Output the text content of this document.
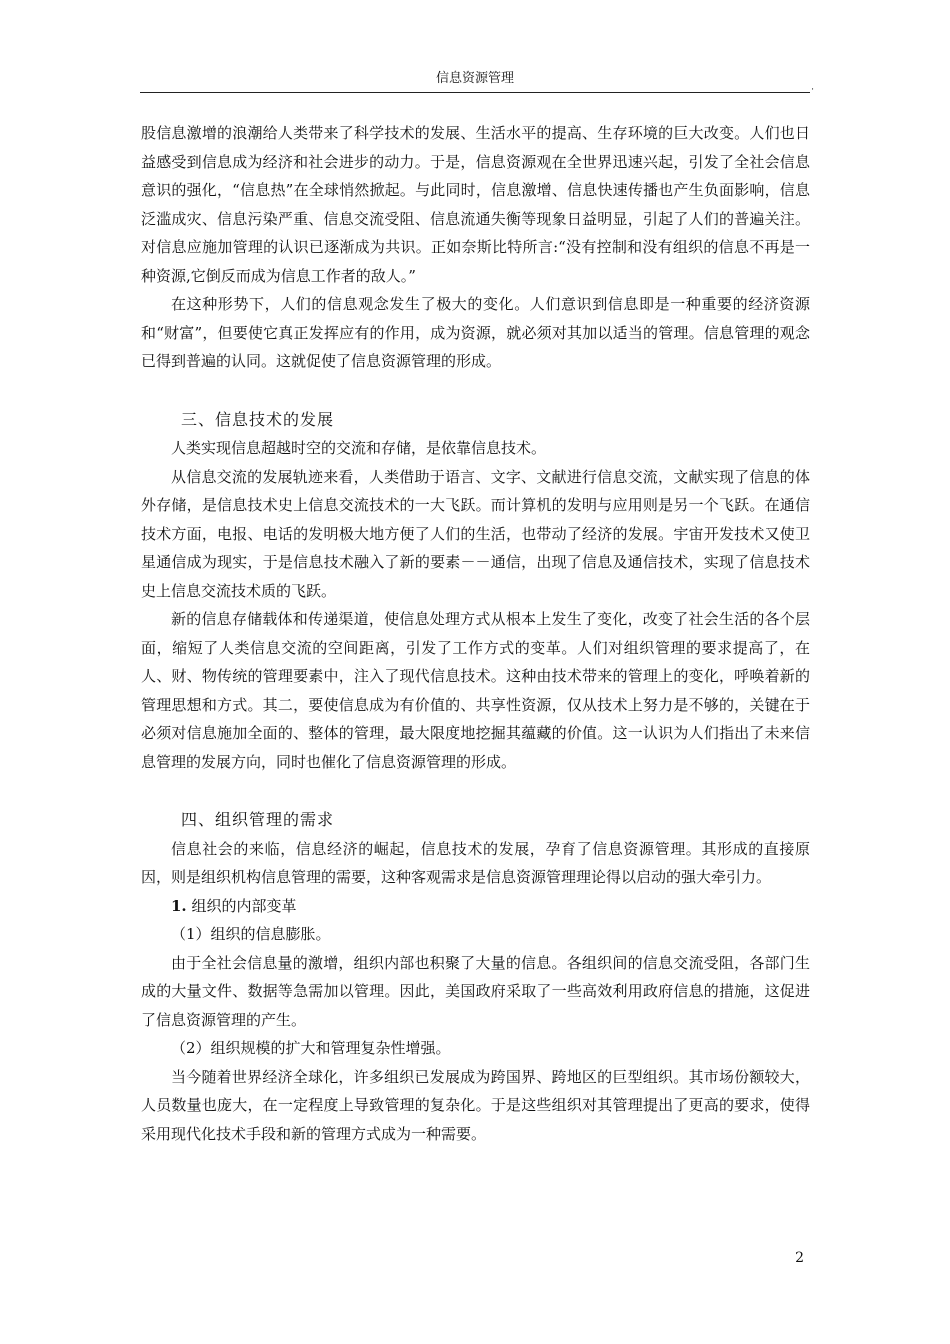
信息资源管理
·

股信息激增的浪潮给人类带来了科学技术的发展、生活水平的提高、生存环境的巨大改变。人们也日益感受到信息成为经济和社会进步的动力。于是，信息资源观在全世界迅速兴起，引发了全社会信息意识的强化，“信息热”在全球悄然掀起。与此同时，信息激增、信息快速传播也产生负面影响，信息泛滥成灾、信息污染严重、信息交流受阻、信息流通失衡等现象日益明显，引起了人们的普遍关注。对信息应施加管理的认识已逐渐成为共识。正如奈斯比特所言:“没有控制和没有组织的信息不再是一种资源,它倒反而成为信息工作者的敌人。”

在这种形势下，人们的信息观念发生了极大的变化。人们意识到信息即是一种重要的经济资源和“财富”，但要使它真正发挥应有的作用，成为资源，就必须对其加以适当的管理。信息管理的观念已得到普遍的认同。这就促使了信息资源管理的形成。

三、信息技术的发展

人类实现信息超越时空的交流和存储，是依靠信息技术。

从信息交流的发展轨迹来看，人类借助于语言、文字、文献进行信息交流，文献实现了信息的体外存储，是信息技术史上信息交流技术的一大飞跃。而计算机的发明与应用则是另一个飞跃。在通信技术方面，电报、电话的发明极大地方便了人们的生活，也带动了经济的发展。宇宙开发技术又使卫星通信成为现实，于是信息技术融入了新的要素－－通信，出现了信息及通信技术，实现了信息技术史上信息交流技术质的飞跃。

新的信息存储载体和传递渠道，使信息处理方式从根本上发生了变化，改变了社会生活的各个层面，缩短了人类信息交流的空间距离，引发了工作方式的变革。人们对组织管理的要求提高了，在人、财、物传统的管理要素中，注入了现代信息技术。这种由技术带来的管理上的变化，呼唤着新的管理思想和方式。其二，要使信息成为有价值的、共享性资源，仅从技术上努力是不够的，关键在于必须对信息施加全面的、整体的管理，最大限度地挖掘其蕴藏的价值。这一认识为人们指出了未来信息管理的发展方向，同时也催化了信息资源管理的形成。

四、组织管理的需求

信息社会的来临，信息经济的崛起，信息技术的发展，孕育了信息资源管理。其形成的直接原因，则是组织机构信息管理的需要，这种客观需求是信息资源管理理论得以启动的强大牵引力。

1. 组织的内部变革

（1）组织的信息膨胀。

由于全社会信息量的激增，组织内部也积聚了大量的信息。各组织间的信息交流受阻，各部门生成的大量文件、数据等急需加以管理。因此，美国政府采取了一些高效利用政府信息的措施，这促进了信息资源管理的产生。

（2）组织规模的扩大和管理复杂性增强。

当今随着世界经济全球化，许多组织已发展成为跨国界、跨地区的巨型组织。其市场份额较大，人员数量也庞大，在一定程度上导致管理的复杂化。于是这些组织对其管理提出了更高的要求，使得采用现代化技术手段和新的管理方式成为一种需要。

2
